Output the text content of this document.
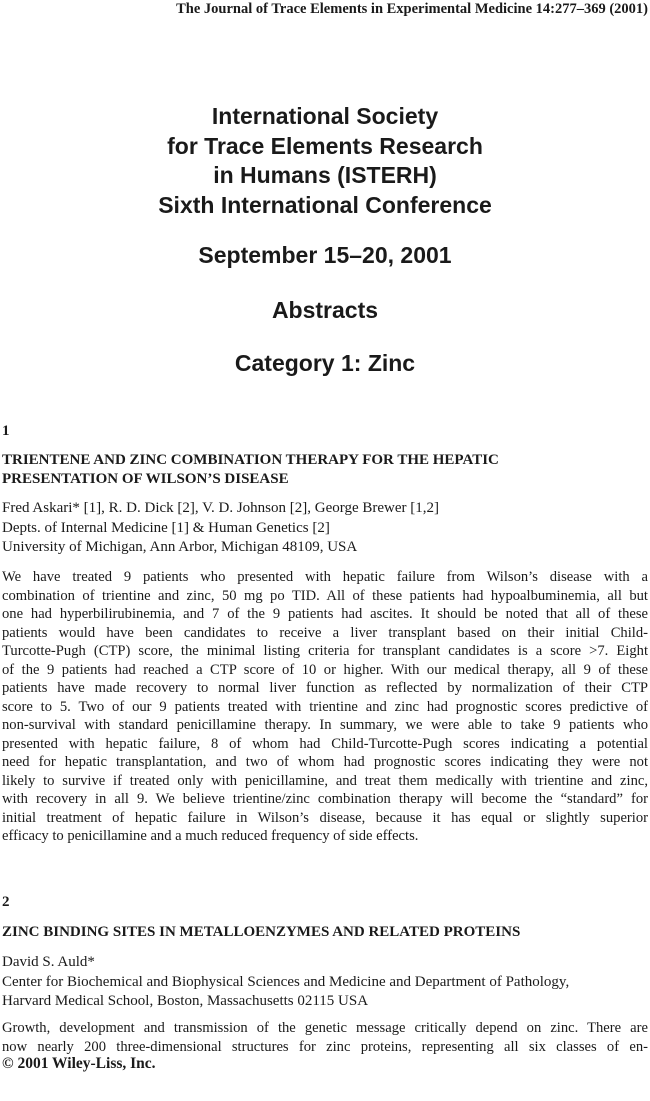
The Journal of Trace Elements in Experimental Medicine 14:277–369 (2001)
International Society
for Trace Elements Research
in Humans (ISTERH)
Sixth International Conference
September 15–20, 2001
Abstracts
Category 1: Zinc
1
TRIENTENE AND ZINC COMBINATION THERAPY FOR THE HEPATIC
PRESENTATION OF WILSON’S DISEASE
Fred Askari* [1], R. D. Dick [2], V. D. Johnson [2], George Brewer [1,2]
Depts. of Internal Medicine [1] & Human Genetics [2]
University of Michigan, Ann Arbor, Michigan 48109, USA
We have treated 9 patients who presented with hepatic failure from Wilson’s disease with a
combination of trientine and zinc, 50 mg po TID. All of these patients had hypoalbuminemia, all but
one had hyperbilirubinemia, and 7 of the 9 patients had ascites. It should be noted that all of these
patients would have been candidates to receive a liver transplant based on their initial Child-
Turcotte-Pugh (CTP) score, the minimal listing criteria for transplant candidates is a score >7. Eight
of the 9 patients had reached a CTP score of 10 or higher. With our medical therapy, all 9 of these
patients have made recovery to normal liver function as reflected by normalization of their CTP
score to 5. Two of our 9 patients treated with trientine and zinc had prognostic scores predictive of
non-survival with standard penicillamine therapy. In summary, we were able to take 9 patients who
presented with hepatic failure, 8 of whom had Child-Turcotte-Pugh scores indicating a potential
need for hepatic transplantation, and two of whom had prognostic scores indicating they were not
likely to survive if treated only with penicillamine, and treat them medically with trientine and zinc,
with recovery in all 9. We believe trientine/zinc combination therapy will become the “standard” for
initial treatment of hepatic failure in Wilson’s disease, because it has equal or slightly superior
efficacy to penicillamine and a much reduced frequency of side effects.
2
ZINC BINDING SITES IN METALLOENZYMES AND RELATED PROTEINS
David S. Auld*
Center for Biochemical and Biophysical Sciences and Medicine and Department of Pathology,
Harvard Medical School, Boston, Massachusetts 02115 USA
Growth, development and transmission of the genetic message critically depend on zinc. There are
now nearly 200 three-dimensional structures for zinc proteins, representing all six classes of en-
© 2001 Wiley-Liss, Inc.
